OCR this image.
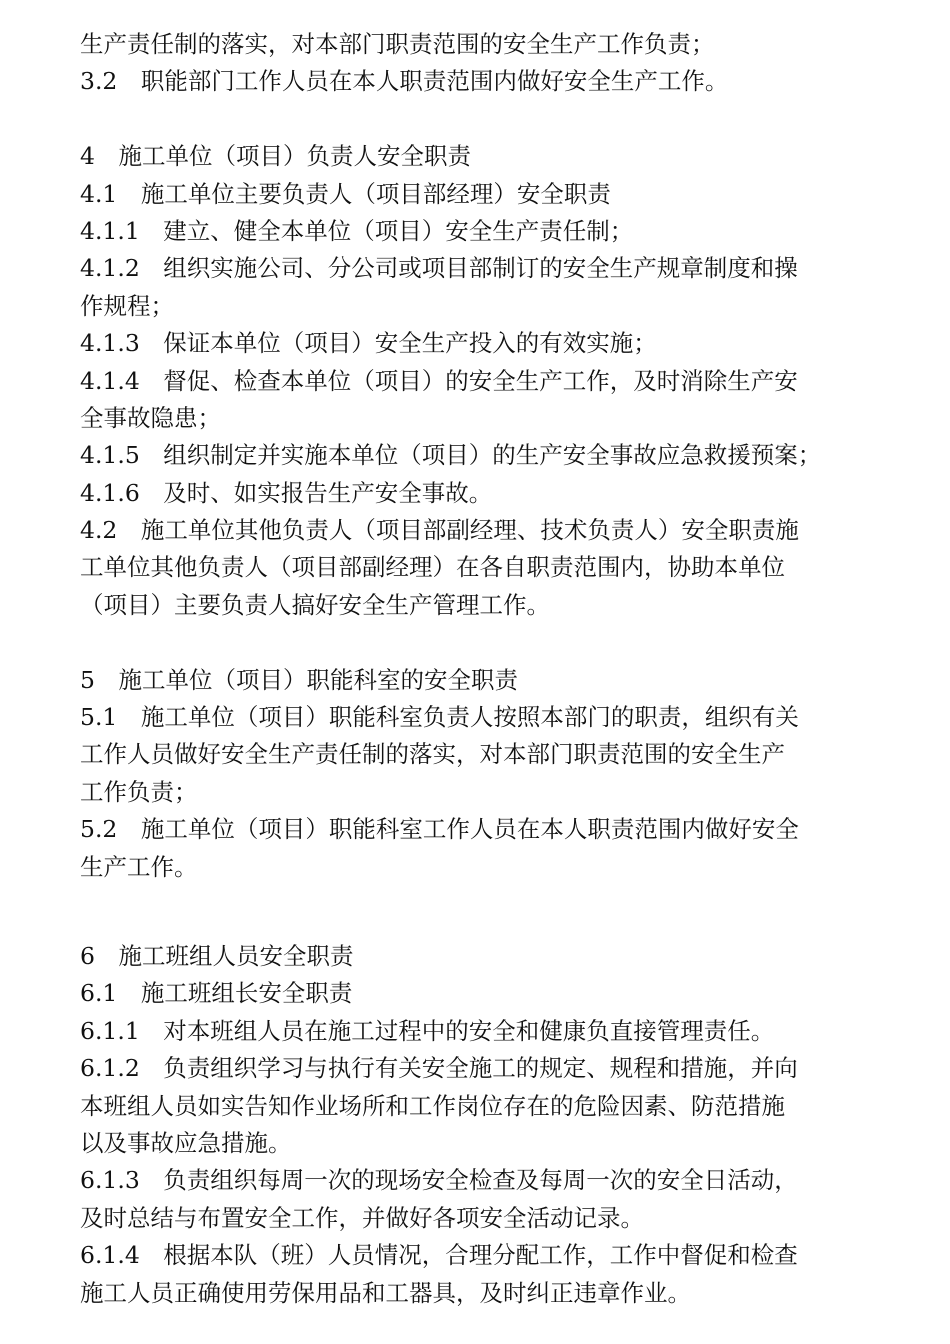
生产责任制的落实，对本部门职责范围的安全生产工作负责；
3.2　职能部门工作人员在本人职责范围内做好安全生产工作。
4　施工单位（项目）负责人安全职责
4.1　施工单位主要负责人（项目部经理）安全职责
4.1.1　建立、健全本单位（项目）安全生产责任制；
4.1.2　组织实施公司、分公司或项目部制订的安全生产规章制度和操
作规程；
4.1.3　保证本单位（项目）安全生产投入的有效实施；
4.1.4　督促、检查本单位（项目）的安全生产工作，及时消除生产安
全事故隐患；
4.1.5　组织制定并实施本单位（项目）的生产安全事故应急救援预案；
4.1.6　及时、如实报告生产安全事故。
4.2　施工单位其他负责人（项目部副经理、技术负责人）安全职责施
工单位其他负责人（项目部副经理）在各自职责范围内，协助本单位
（项目）主要负责人搞好安全生产管理工作。
5　施工单位（项目）职能科室的安全职责
5.1　施工单位（项目）职能科室负责人按照本部门的职责，组织有关
工作人员做好安全生产责任制的落实，对本部门职责范围的安全生产
工作负责；
5.2　施工单位（项目）职能科室工作人员在本人职责范围内做好安全
生产工作。
6　施工班组人员安全职责
6.1　施工班组长安全职责
6.1.1　对本班组人员在施工过程中的安全和健康负直接管理责任。
6.1.2　负责组织学习与执行有关安全施工的规定、规程和措施，并向
本班组人员如实告知作业场所和工作岗位存在的危险因素、防范措施
以及事故应急措施。
6.1.3　负责组织每周一次的现场安全检查及每周一次的安全日活动，
及时总结与布置安全工作，并做好各项安全活动记录。
6.1.4　根据本队（班）人员情况，合理分配工作，工作中督促和检查
施工人员正确使用劳保用品和工器具，及时纠正违章作业。
